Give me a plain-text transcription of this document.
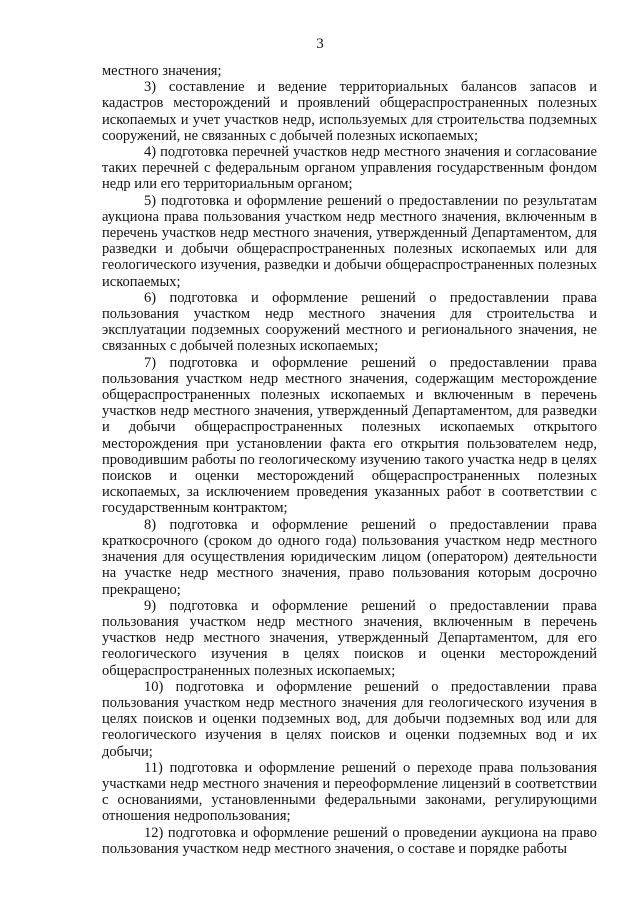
3

местного значения;

3) составление и ведение территориальных балансов запасов и кадастров месторождений и проявлений общераспространенных полезных ископаемых и учет участков недр, используемых для строительства подземных сооружений, не связанных с добычей полезных ископаемых;

4) подготовка перечней участков недр местного значения и согласование таких перечней с федеральным органом управления государственным фондом недр или его территориальным органом;

5) подготовка и оформление решений о предоставлении по результатам аукциона права пользования участком недр местного значения, включенным в перечень участков недр местного значения, утвержденный Департаментом, для разведки и добычи общераспространенных полезных ископаемых или для геологического изучения, разведки и добычи общераспространенных полезных ископаемых;

6) подготовка и оформление решений о предоставлении права пользования участком недр местного значения для строительства и эксплуатации подземных сооружений местного и регионального значения, не связанных с добычей полезных ископаемых;

7) подготовка и оформление решений о предоставлении права пользования участком недр местного значения, содержащим месторождение общераспространенных полезных ископаемых и включенным в перечень участков недр местного значения, утвержденный Департаментом, для разведки и добычи общераспространенных полезных ископаемых открытого месторождения при установлении факта его открытия пользователем недр, проводившим работы по геологическому изучению такого участка недр в целях поисков и оценки месторождений общераспространенных полезных ископаемых, за исключением проведения указанных работ в соответствии с государственным контрактом;

8) подготовка и оформление решений о предоставлении права краткосрочного (сроком до одного года) пользования участком недр местного значения для осуществления юридическим лицом (оператором) деятельности на участке недр местного значения, право пользования которым досрочно прекращено;

9) подготовка и оформление решений о предоставлении права пользования участком недр местного значения, включенным в перечень участков недр местного значения, утвержденный Департаментом, для его геологического изучения в целях поисков и оценки месторождений общераспространенных полезных ископаемых;

10) подготовка и оформление решений о предоставлении права пользования участком недр местного значения для геологического изучения в целях поисков и оценки подземных вод, для добычи подземных вод или для геологического изучения в целях поисков и оценки подземных вод и их добычи;

11) подготовка и оформление решений о переходе права пользования участками недр местного значения и переоформление лицензий в соответствии с основаниями, установленными федеральными законами, регулирующими отношения недропользования;

12) подготовка и оформление решений о проведении аукциона на право пользования участком недр местного значения, о составе и порядке работы
